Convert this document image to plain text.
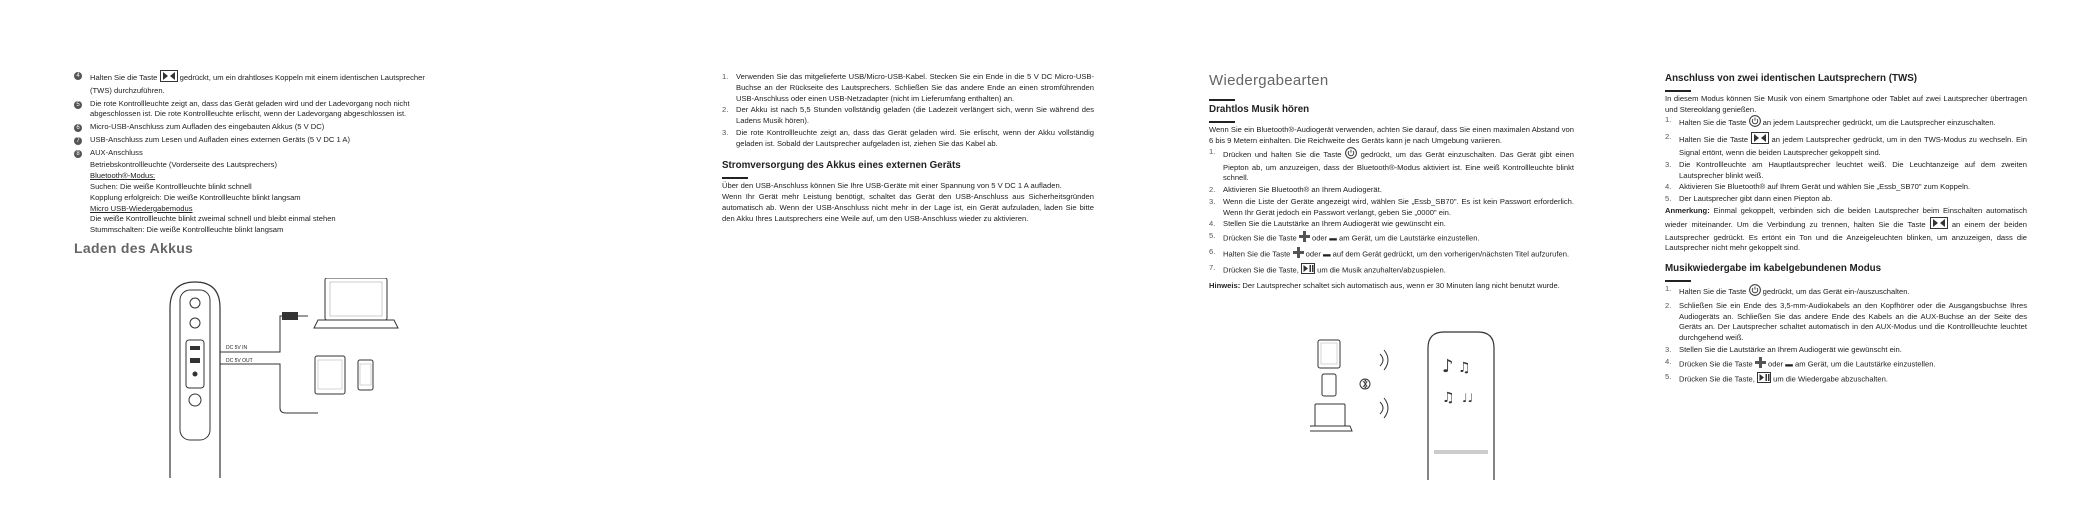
4	Halten Sie die Taste	gedrückt, um ein drahtloses Koppeln mit einem identischen Lautsprecher (TWS) durchzuführen.
5	Die rote Kontrollleuchte zeigt an, dass das Gerät geladen wird und der Ladevorgang noch nicht abgeschlossen ist. Die rote Kontrollleuchte erlischt, wenn der Ladevorgang abgeschlossen ist.
6	Micro-USB-Anschluss zum Aufladen des eingebauten Akkus (5 V DC)
7	USB-Anschluss zum Lesen und Aufladen eines externen Geräts (5 V DC 1 A)
8	AUX-Anschluss

Betriebskontrollleuchte (Vorderseite des Lautsprechers)

Bluetooth®-Modus:

Suchen: Die weiße Kontrollleuchte blinkt schnell

Kopplung erfolgreich: Die weiße Kontrollleuchte blinkt langsam

Micro USB-Wiedergabemodus

Die weiße Kontrollleuchte blinkt zweimal schnell und bleibt einmal stehen

Stummschalten: Die weiße Kontrollleuchte blinkt langsam

Laden des Akkus
DC 5V IN
DC 5V OUT
1.	Verwenden Sie das mitgelieferte USB/Micro-USB-Kabel. Stecken Sie ein Ende in die 5 V DC Micro-USB-Buchse an der Rückseite des Lautsprechers. Schließen Sie das andere Ende an einen stromführenden USB-Anschluss oder einen USB-Netzadapter (nicht im Lieferumfang enthalten) an.
2.	Der Akku ist nach 5,5 Stunden vollständig geladen (die Ladezeit verlängert sich, wenn Sie während des Ladens Musik hören).
3.	Die rote Kontrollleuchte zeigt an, dass das Gerät geladen wird. Sie erlischt, wenn der Akku vollständig geladen ist. Sobald der Lautsprecher aufgeladen ist, ziehen Sie das Kabel ab.
Stromversorgung des Akkus eines externen Geräts

Über den USB-Anschluss können Sie Ihre USB-Geräte mit einer Spannung von 5 V DC 1 A aufladen.

Wenn Ihr Gerät mehr Leistung benötigt, schaltet das Gerät den USB-Anschluss aus Sicherheitsgründen automatisch ab. Wenn der USB-Anschluss nicht mehr in der Lage ist, ein Gerät aufzuladen, laden Sie bitte den Akku Ihres Lautsprechers eine Weile auf, um den USB-Anschluss wieder zu aktivieren.

Wiedergabearten
Drahtlos Musik hören

Wenn Sie ein Bluetooth®-Audiogerät verwenden, achten Sie darauf, dass Sie einen maximalen Abstand von 6 bis 9 Metern einhalten. Die Reichweite des Geräts kann je nach Umgebung variieren.

1.	Drücken und halten Sie die Taste	gedrückt, um das Gerät einzuschalten. Das Gerät gibt einen Piepton ab, um anzuzeigen, dass der Bluetooth®-Modus aktiviert ist. Eine weiß Kontrollleuchte blinkt schnell.
2.	Aktivieren Sie Bluetooth® an Ihrem Audiogerät.
3.	Wenn die Liste der Geräte angezeigt wird, wählen Sie „Essb_SB70". Es ist kein Passwort erforderlich. Wenn Ihr Gerät jedoch ein Passwort verlangt, geben Sie „0000" ein.
4.	Stellen Sie die Lautstärke an Ihrem Audiogerät wie gewünscht ein.
5.	Drücken Sie die Taste oder ▬ am Gerät, um die Lautstärke einzustellen.
6.	Halten Sie die Taste oder ▬ auf dem Gerät gedrückt, um den vorherigen/nächsten Titel aufzurufen.
7.	Drücken Sie die Taste, um die Musik anzuhalten/abzuspielen.

Hinweis: Der Lautsprecher schaltet sich automatisch aus, wenn er 30 Minuten lang nicht benutzt wurde.

♪ ♫
♫ ♩♩
Anschluss von zwei identischen Lautsprechern (TWS)

In diesem Modus können Sie Musik von einem Smartphone oder Tablet auf zwei Lautsprecher übertragen und Stereoklang genießen.

1.	Halten Sie die Taste an jedem Lautsprecher gedrückt, um die Lautsprecher einzuschalten.
2.	Halten Sie die Taste	an jedem Lautsprecher gedrückt, um in den TWS-Modus zu wechseln. Ein Signal ertönt, wenn die beiden Lautsprecher gekoppelt sind.
3.	Die Kontrollleuchte am Hauptlautsprecher leuchtet weiß. Die Leuchtanzeige auf dem zweiten Lautsprecher blinkt weiß.
4.	Aktivieren Sie Bluetooth® auf Ihrem Gerät und wählen Sie „Essb_SB70" zum Koppeln.
5.	Der Lautsprecher gibt dann einen Piepton ab.

Anmerkung: Einmal gekoppelt, verbinden sich die beiden Lautsprecher beim Einschalten automatisch wieder miteinander. Um die Verbindung zu trennen, halten Sie die Taste	an einem der beiden Lautsprecher gedrückt. Es ertönt ein Ton und die Anzeigeleuchten blinken, um anzuzeigen, dass die Lautsprecher nicht mehr gekoppelt sind.

Musikwiedergabe im kabelgebundenen Modus
1.	Halten Sie die Taste gedrückt, um das Gerät ein-/auszuschalten.
2.	Schließen Sie ein Ende des 3,5-mm-Audiokabels an den Kopfhörer oder die Ausgangsbuchse Ihres Audiogeräts an. Schließen Sie das andere Ende des Kabels an die AUX-Buchse an der Seite des Geräts an. Der Lautsprecher schaltet automatisch in den AUX-Modus und die Kontrollleuchte leuchtet durchgehend weiß.
3.	Stellen Sie die Lautstärke an Ihrem Audiogerät wie gewünscht ein.
4.	Drücken Sie die Taste oder ▬ am Gerät, um die Lautstärke einzustellen.
5.	Drücken Sie die Taste, um die Wiedergabe abzuschalten.
